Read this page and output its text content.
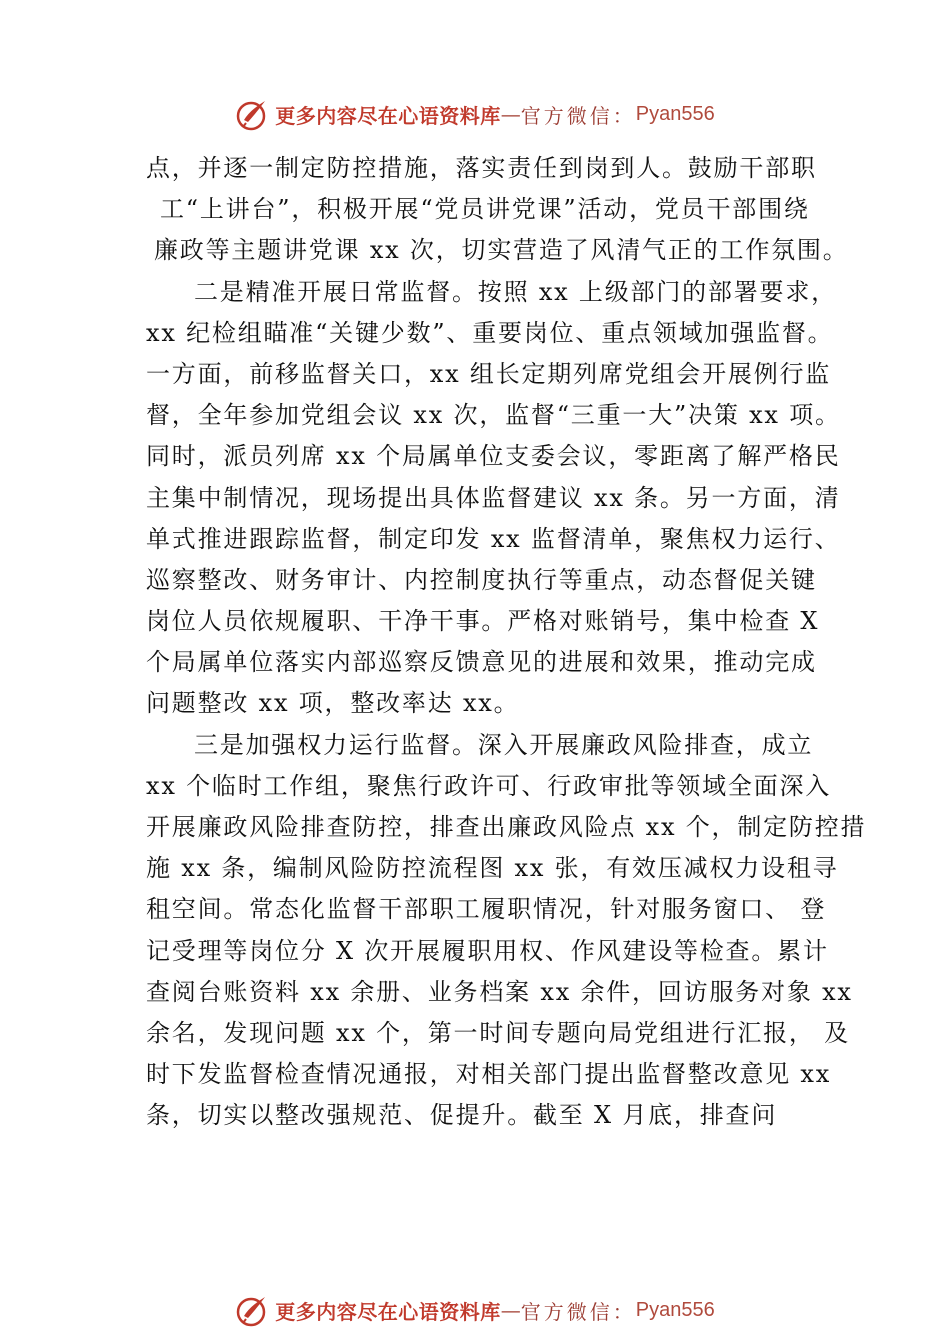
更多内容尽在心语资料库 — 官方微信： Pyan556
点，并逐一制定防控措施，落实责任到岗到人。鼓励干部职
工“上讲台”，积极开展“党员讲党课”活动，党员干部围绕
廉政等主题讲党课 xx 次，切实营造了风清气正的工作氛围。
二是精准开展日常监督。按照 xx 上级部门的部署要求，
xx 纪检组瞄准“关键少数”、重要岗位、重点领域加强监督。
一方面，前移监督关口，xx 组长定期列席党组会开展例行监
督，全年参加党组会议 xx 次，监督“三重一大”决策 xx 项。
同时，派员列席 xx 个局属单位支委会议，零距离了解严格民
主集中制情况，现场提出具体监督建议 xx 条。另一方面，清
单式推进跟踪监督，制定印发 xx 监督清单，聚焦权力运行、
巡察整改、财务审计、内控制度执行等重点，动态督促关键
岗位人员依规履职、干净干事。严格对账销号，集中检查 X
个局属单位落实内部巡察反馈意见的进展和效果，推动完成
问题整改 xx 项，整改率达 xx。
三是加强权力运行监督。深入开展廉政风险排查，成立
xx 个临时工作组，聚焦行政许可、行政审批等领域全面深入
开展廉政风险排查防控，排查出廉政风险点 xx 个，制定防控措
施 xx 条，编制风险防控流程图 xx 张，有效压减权力设租寻
租空间。常态化监督干部职工履职情况，针对服务窗口、 登
记受理等岗位分 X 次开展履职用权、作风建设等检查。累计
查阅台账资料 xx 余册、业务档案 xx 余件，回访服务对象 xx
余名，发现问题 xx 个，第一时间专题向局党组进行汇报， 及
时下发监督检查情况通报，对相关部门提出监督整改意见 xx
条，切实以整改强规范、促提升。截至 X 月底，排查问
更多内容尽在心语资料库 — 官方微信： Pyan556
